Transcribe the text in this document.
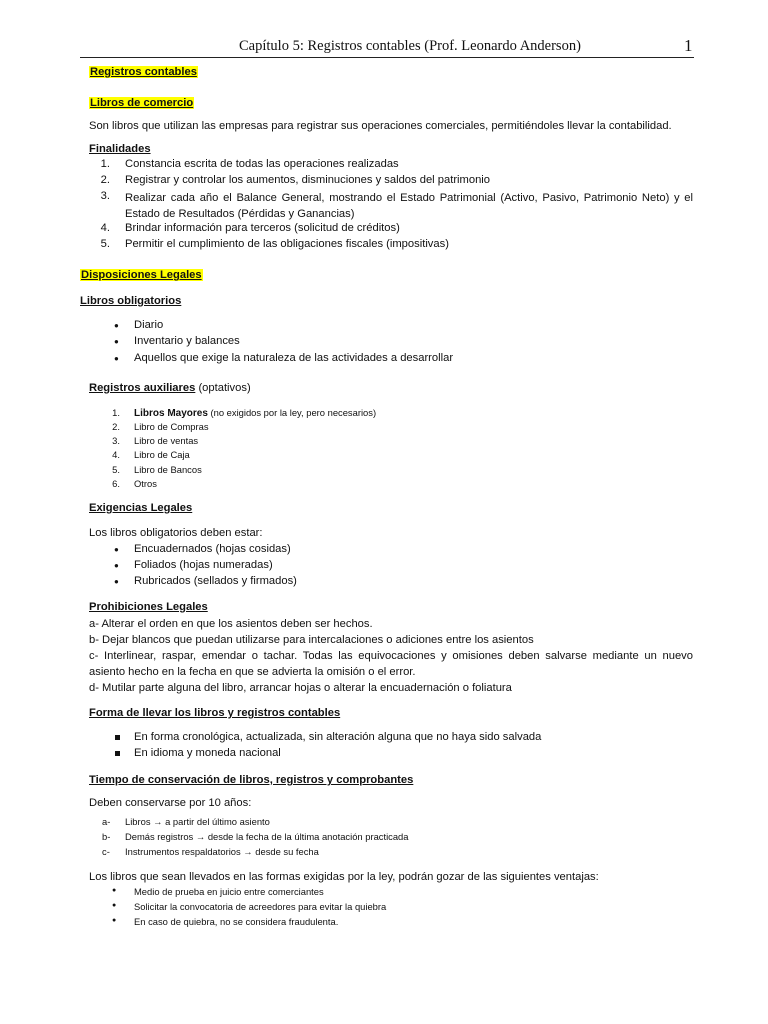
Capítulo 5: Registros contables (Prof. Leonardo Anderson)	1
Registros contables
Libros de comercio
Son libros que utilizan las empresas para registrar sus operaciones comerciales, permitiéndoles llevar la contabilidad.
Finalidades
1. Constancia escrita de todas las operaciones realizadas
2. Registrar y controlar los aumentos, disminuciones y saldos del patrimonio
3. Realizar cada año el Balance General, mostrando el Estado Patrimonial (Activo, Pasivo, Patrimonio Neto) y el Estado de Resultados (Pérdidas y Ganancias)
4. Brindar información para terceros (solicitud de créditos)
5. Permitir el cumplimiento de las obligaciones fiscales (impositivas)
Disposiciones Legales
Libros obligatorios
● Diario
● Inventario y balances
● Aquellos que exige la naturaleza de las actividades a desarrollar
Registros auxiliares (optativos)
1. Libros Mayores (no exigidos por la ley, pero necesarios)
2. Libro de Compras
3. Libro de ventas
4. Libro de Caja
5. Libro de Bancos
6. Otros
Exigencias Legales
Los libros obligatorios deben estar:
● Encuadernados (hojas cosidas)
● Foliados (hojas numeradas)
● Rubricados (sellados y firmados)
Prohibiciones Legales
a- Alterar el orden en que los asientos deben ser hechos.
b- Dejar blancos que puedan utilizarse para intercalaciones o adiciones entre los asientos
c- Interlinear, raspar, emendar o tachar. Todas las equivocaciones y omisiones deben salvarse mediante un nuevo asiento hecho en la fecha en que se advierta la omisión o el error.
d- Mutilar parte alguna del libro, arrancar hojas o alterar la encuadernación o foliatura
Forma de llevar los libros y registros contables
En forma cronológica, actualizada, sin alteración alguna que no haya sido salvada
En idioma y moneda nacional
Tiempo de conservación de libros, registros y comprobantes
Deben conservarse por 10 años:
a- Libros → a partir del último asiento
b- Demás registros → desde la fecha de la última anotación practicada
c- Instrumentos respaldatorios → desde su fecha
Los libros que sean llevados en las formas exigidas por la ley, podrán gozar de las siguientes ventajas:
● Medio de prueba en juicio entre comerciantes
● Solicitar la convocatoria de acreedores para evitar la quiebra
● En caso de quiebra, no se considera fraudulenta.
